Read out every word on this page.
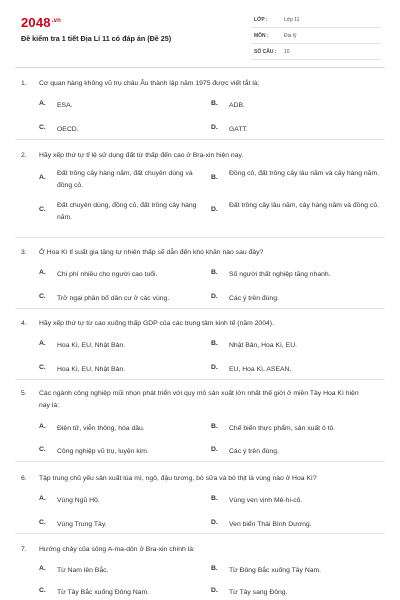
$2048^{.vn}$
Đề kiểm tra 1 tiết Địa Lí 11 có đáp án (Đề 25)
LỚP :	Lớp 11
MÔN :	Địa lý
SỐ CÂU : 10
1. Cơ quan hàng không vũ trụ châu Âu thành lập năm 1975 được viết tắt là:
A. ESA.	B. ADB.
C. OECD.	D. GATT.
2. Hãy xếp thứ tự tỉ lệ sử dụng đất từ thấp đến cao ở Bra-xin hiện nay.
A.
Đất trồng cây hàng năm, đất chuyên dùng và đồng cỏ.
B.
Đồng cỏ, đất trồng cây lâu năm và cây hàng năm.
C.
Đất chuyên dùng, đồng cỏ, đất trồng cây hàng năm.
D.
Đất trồng cây lâu năm, cây hàng năm và đồng cỏ.
3. Ở Hoa Kì tỉ suất gia tăng tự nhiên thấp sẽ dẫn đến khó khăn nào sau đây?
A. Chi phí nhiều cho người cao tuổi.	B. Số người thất nghiệp tăng nhanh.
C. Trở ngại phân bố dân cư ở các vùng.	D. Các ý trên đúng.
4. Hãy xếp thứ tự từ cao xuống thấp GDP của các trung tâm kinh tế (năm 2004).
A. Hoa Kì, EU, Nhật Bản.	B. Nhật Bản, Hoa Kì, EU.
C. Hoa Kì, EU, Nhật Bản.	D. EU, Hoa Kì, ASEAN.
5. Các ngành công nghiệp mũi nhọn phát triển với quy mô sản xuất lớn nhất thế giới ở miền Tây Hoa Kì hiện nay là:
A. Điện tử, viễn thông, hóa dầu.	B. Chế biến thực phẩm, sản xuất ô tô.
C. Công nghiệp vũ trụ, luyện kim.	D. Các ý trên đúng.
6. Tập trung chủ yếu sản xuất lúa mì, ngô, đậu tương, bò sữa và bò thịt là vùng nào ở Hoa Kì?
A. Vùng Ngũ Hồ.	B. Vùng ven vịnh Mê-hi-cô.
C. Vùng Trung Tây.	D. Ven biển Thái Bình Dương.
7. Hướng chảy của sông A-ma-dôn ở Bra-xin chính là:
A. Từ Nam lên Bắc.	B. Từ Đông Bắc xuống Tây Nam.
C. Từ Tây Bắc xuống Đông Nam.	D. Từ Tây sang Đông.
